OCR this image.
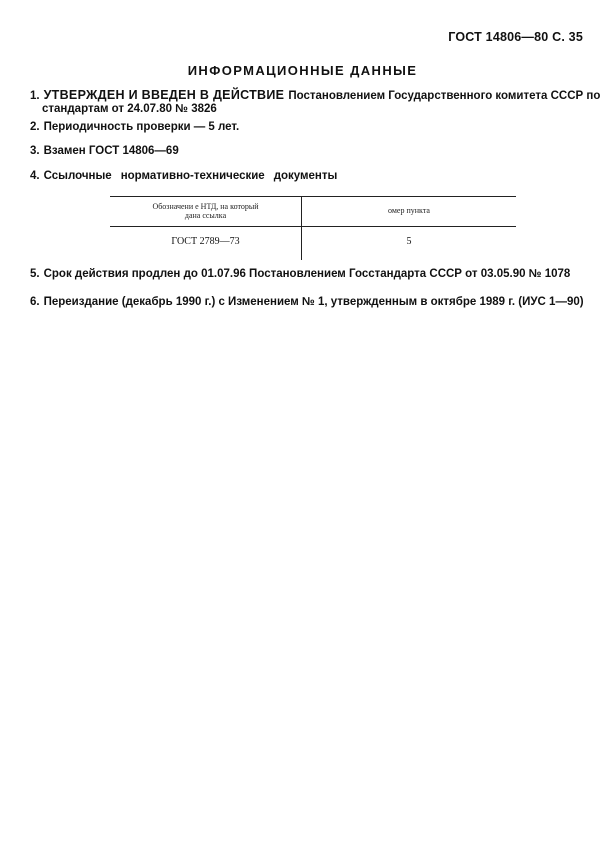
ГОСТ 14806—80 С. 35
ИНФОРМАЦИОННЫЕ ДАННЫЕ
1. УТВЕРЖДЕН И ВВЕДЕН В ДЕЙСТВИЕ Постановлением Государственного комитета СССР по
стандартам от 24.07.80 № 3826
2. Периодичность проверки — 5 лет.
3. Взамен ГОСТ 14806—69
4. Ссылочные нормативно-технические документы
Обозначени е НТД, на который
дана ссылка
омер пункта
ГОСТ 2789—73	5
5. Срок действия продлен до 01.07.96 Постановлением Госстандарта СССР от 03.05.90 № 1078
6. Переиздание (декабрь 1990 г.) с Изменением № 1, утвержденным в октябре 1989 г. (ИУС 1—90)
